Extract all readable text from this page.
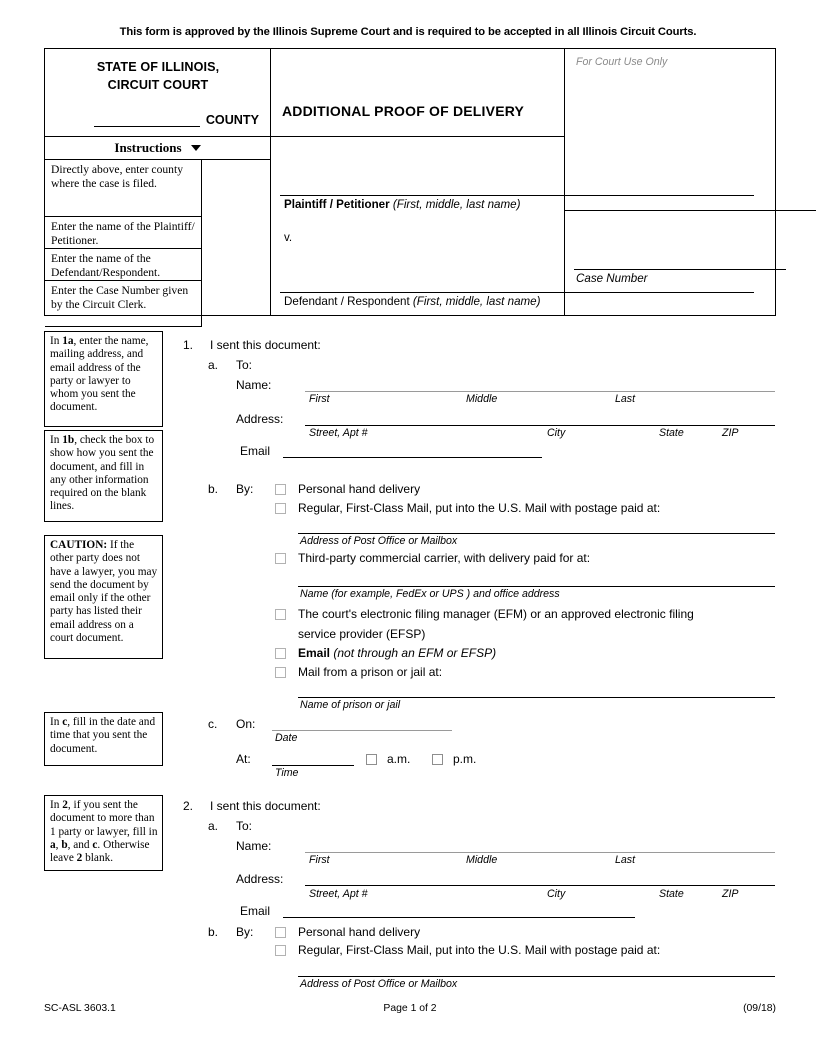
This form is approved by the Illinois Supreme Court and is required to be accepted in all Illinois Circuit Courts.
STATE OF ILLINOIS,
CIRCUIT COURT
COUNTY
Instructions
Directly above, enter county where the case is filed.
Enter the name of the Plaintiff/ Petitioner.
Enter the name of the Defendant/Respondent.
Enter the Case Number given by the Circuit Clerk.
ADDITIONAL PROOF OF DELIVERY
Plaintiff / Petitioner (First, middle, last name)
v.
Defendant / Respondent (First, middle, last name)
For Court Use Only
Case Number
In 1a, enter the name, mailing address, and email address of the party or lawyer to whom you sent the document.
In 1b, check the box to show how you sent the document, and fill in any other information required on the blank lines.
CAUTION: If the other party does not have a lawyer, you may send the document by email only if the other party has listed their email address on a court document.
In c, fill in the date and time that you sent the document.
In 2, if you sent the document to more than 1 party or lawyer, fill in a, b, and c. Otherwise leave 2 blank.
1. I sent this document:
a. To:
Name:
First	Middle	Last
Address:
Street, Apt #	City	State	ZIP
Email
b. By:	Personal hand delivery
Regular, First-Class Mail, put into the U.S. Mail with postage paid at:
Address of Post Office or Mailbox
Third-party commercial carrier, with delivery paid for at:
Name (for example, FedEx or UPS ) and office address
The court's electronic filing manager (EFM) or an approved electronic filing
service provider (EFSP)
Email (not through an EFM or EFSP)
Mail from a prison or jail at:
Name of prison or jail
c. On:
Date
At:
Time
a.m.	p.m.
2. I sent this document:
a. To:
Name:
First	Middle	Last
Address:
Street, Apt #	City	State	ZIP
Email
b. By:	Personal hand delivery
Regular, First-Class Mail, put into the U.S. Mail with postage paid at:
Address of Post Office or Mailbox
SC-ASL 3603.1	Page 1 of 2	(09/18)
